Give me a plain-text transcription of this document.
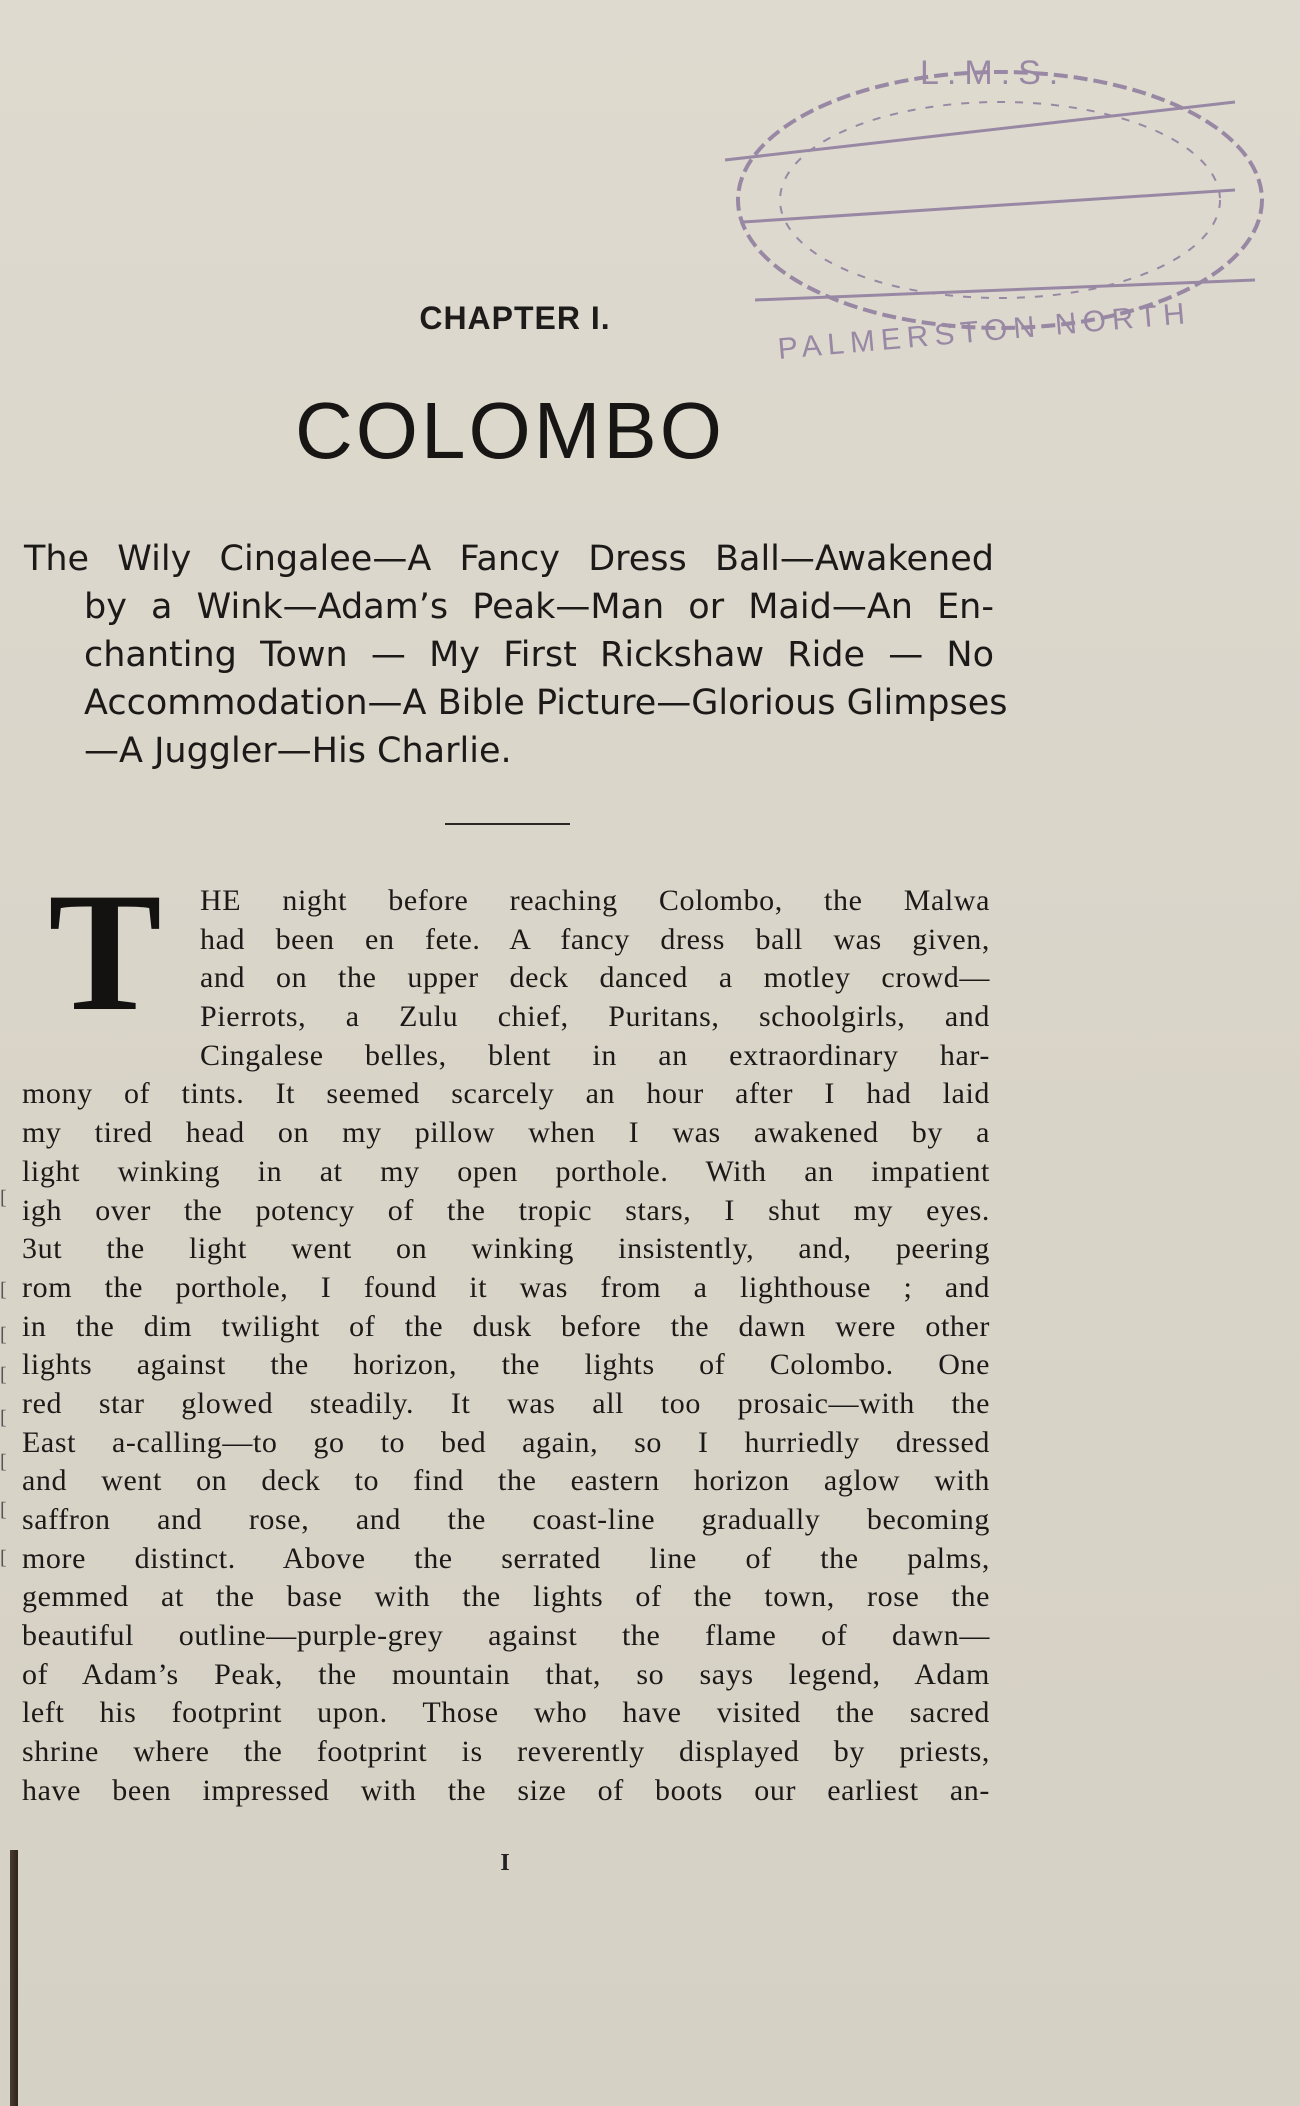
L.M.S.
PALMERSTON NORTH
CHAPTER I.
COLOMBO
The Wily Cingalee—A Fancy Dress Ball—Awakened
by a Wink—Adam’s Peak—Man or Maid—An En-
chanting Town — My First Rickshaw Ride — No
Accommodation—A Bible Picture—Glorious Glimpses
—A Juggler—His Charlie.
T	HE night before reaching Colombo, the Malwa
had been en fete. A fancy dress ball was given,
and on the upper deck danced a motley crowd—
Pierrots, a Zulu chief, Puritans, schoolgirls, and
Cingalese belles, blent in an extraordinary har-
mony of tints. It seemed scarcely an hour after I had laid
my tired head on my pillow when I was awakened by a
light winking in at my open porthole. With an impatient
igh over the potency of the tropic stars, I shut my eyes.
3ut the light went on winking insistently, and, peering
rom the porthole, I found it was from a lighthouse ; and
in the dim twilight of the dusk before the dawn were other
lights against the horizon, the lights of Colombo. One
red star glowed steadily. It was all too prosaic—with the
East a-calling—to go to bed again, so I hurriedly dressed
and went on deck to find the eastern horizon aglow with
saffron and rose, and the coast-line gradually becoming
more distinct. Above the serrated line of the palms,
gemmed at the base with the lights of the town, rose the
beautiful outline—purple-grey against the flame of dawn—
of Adam’s Peak, the mountain that, so says legend, Adam
left his footprint upon. Those who have visited the sacred
shrine where the footprint is reverently displayed by priests,
have been impressed with the size of boots our earliest an-
I
[
[
[
[
[
[
[
[
